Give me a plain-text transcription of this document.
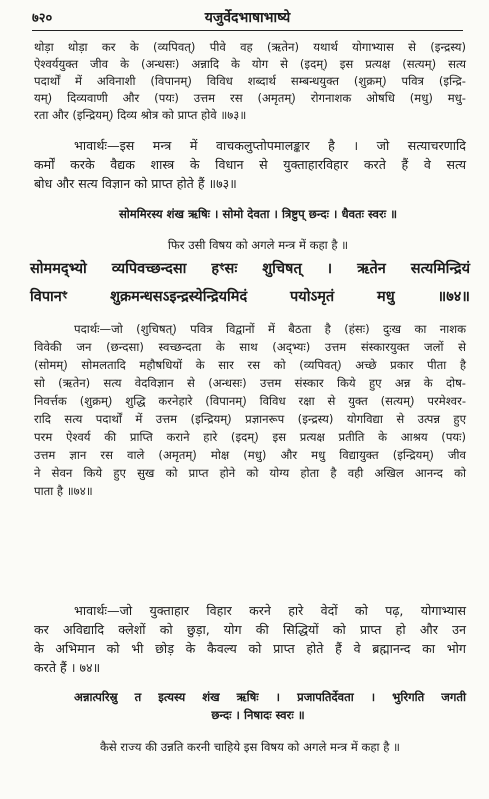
७२०	यजुर्वेदभाषाभाष्ये
थोड़ा थोड़ा कर के (व्यपिवत्) पीवे वह (ऋतेन) यथार्थ योगाभ्यास से (इन्द्रस्य)
ऐश्वर्ययुक्त जीव के (अन्धसः) अन्नादि के योग से (इदम्) इस प्रत्यक्ष (सत्यम्) सत्य
पदार्थों में अविनाशी (विपानम्) विविध शब्दार्थ सम्बन्धयुक्त (शुक्रम्) पवित्र (इन्द्रि-
यम्) दिव्यवाणी और (पयः) उत्तम रस (अमृतम्) रोगनाशक ओषधि (मधु) मधु-
रता और (इन्द्रियम्) दिव्य श्रोत्र को प्राप्त होवे ॥७३॥
भावार्थः—इस मन्त्र में वाचकलुप्तोपमालङ्कार है । जो सत्याचरणादि
कर्मों करके वैद्यक शास्त्र के विधान से युक्ताहारविहार करते हैं वे सत्य
बोध और सत्य विज्ञान को प्राप्त होते हैं ॥७३॥
सोममिरस्य शंख ऋषिः । सोमो देवता । त्रिष्टुप् छन्दः । धैवतः स्वरः ॥
फिर उसी विषय को अगले मन्त्र में कहा है ॥
सोममद्भ्यो व्यपिवच्छन्दसा हꣳसः शुचिषत् । ऋतेन सत्यमिन्द्रियं
विपानꣳ शुक्रमन्धसऽइन्द्रस्येन्द्रियमिदं पयोऽमृतं मधु ॥७४॥
पदार्थः—जो (शुचिषत्) पवित्र विद्वानों में बैठता है (हंसः) दुःख का नाशक
विवेकी जन (छन्दसा) स्वच्छन्दता के साथ (अद्भ्यः) उत्तम संस्कारयुक्त जलों से
(सोमम्) सोमलतादि महौषधियों के सार रस को (व्यपिवत्) अच्छे प्रकार पीता है
सो (ऋतेन) सत्य वेदविज्ञान से (अन्धसः) उत्तम संस्कार किये हुए अन्न के दोष-
निवर्त्तक (शुक्रम्) शुद्धि करनेहारे (विपानम्) विविध रक्षा से युक्त (सत्यम्) परमेश्वर-
रादि सत्य पदार्थों में उत्तम (इन्द्रियम्) प्रज्ञानरूप (इन्द्रस्य) योगविद्या से उत्पन्न हुए
परम ऐश्वर्य की प्राप्ति कराने हारे (इदम्) इस प्रत्यक्ष प्रतीति के आश्रय (पयः)
उत्तम ज्ञान रस वाले (अमृतम्) मोक्ष (मधु) और मधु विद्यायुक्त (इन्द्रियम्) जीव
ने सेवन किये हुए सुख को प्राप्त होने को योग्य होता है वही अखिल आनन्द को
पाता है ॥७४॥
भावार्थः—जो युक्ताहार विहार करने हारे वेदों को पढ़, योगाभ्यास
कर अविद्यादि क्लेशों को छुड़ा, योग की सिद्धियों को प्राप्त हो और उन
के अभिमान को भी छोड़ के कैवल्य को प्राप्त होते हैं वे ब्रह्मानन्द का भोग
करते हैं । ७४॥
अन्नात्परिस्रु त इत्यस्य शंख ऋषिः । प्रजापतिर्देवता । भुरिगति जगती
छन्दः । निषादः स्वरः ॥
कैसे राज्य की उन्नति करनी चाहिये इस विषय को अगले मन्त्र में कहा है ॥
